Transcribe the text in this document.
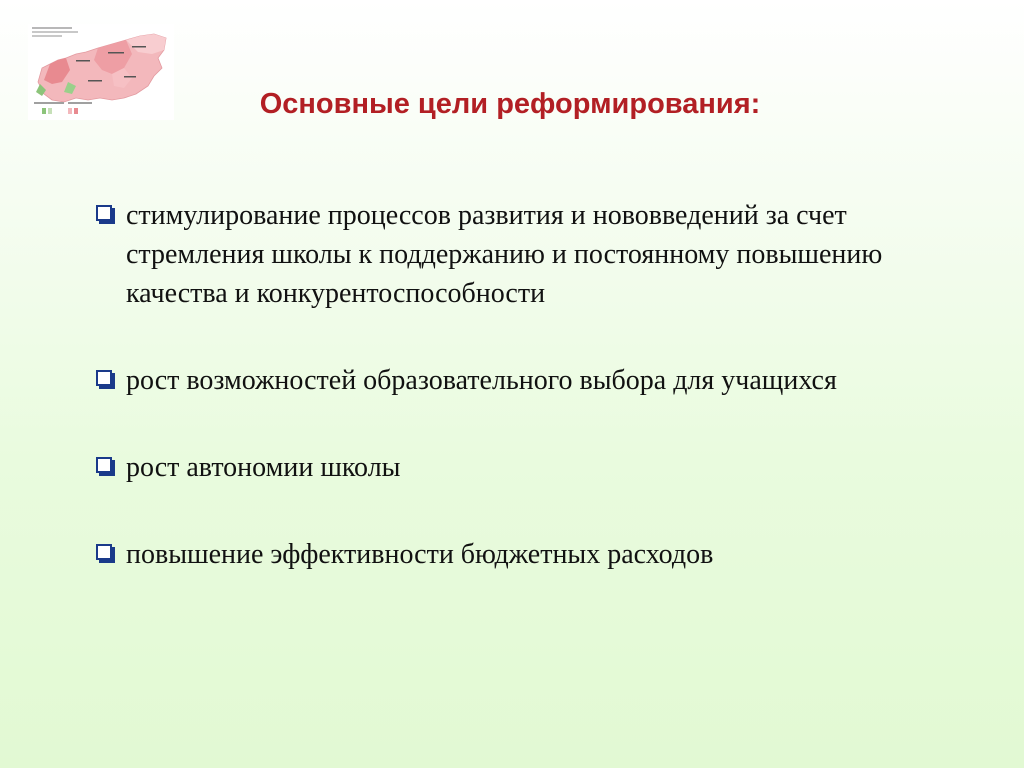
Основные цели реформирования:
стимулирование процессов развития и нововведений за счет стремления школы к поддержанию и постоянному повышению качества и конкурентоспособности
рост возможностей образовательного выбора для учащихся
рост автономии школы
повышение эффективности бюджетных расходов
